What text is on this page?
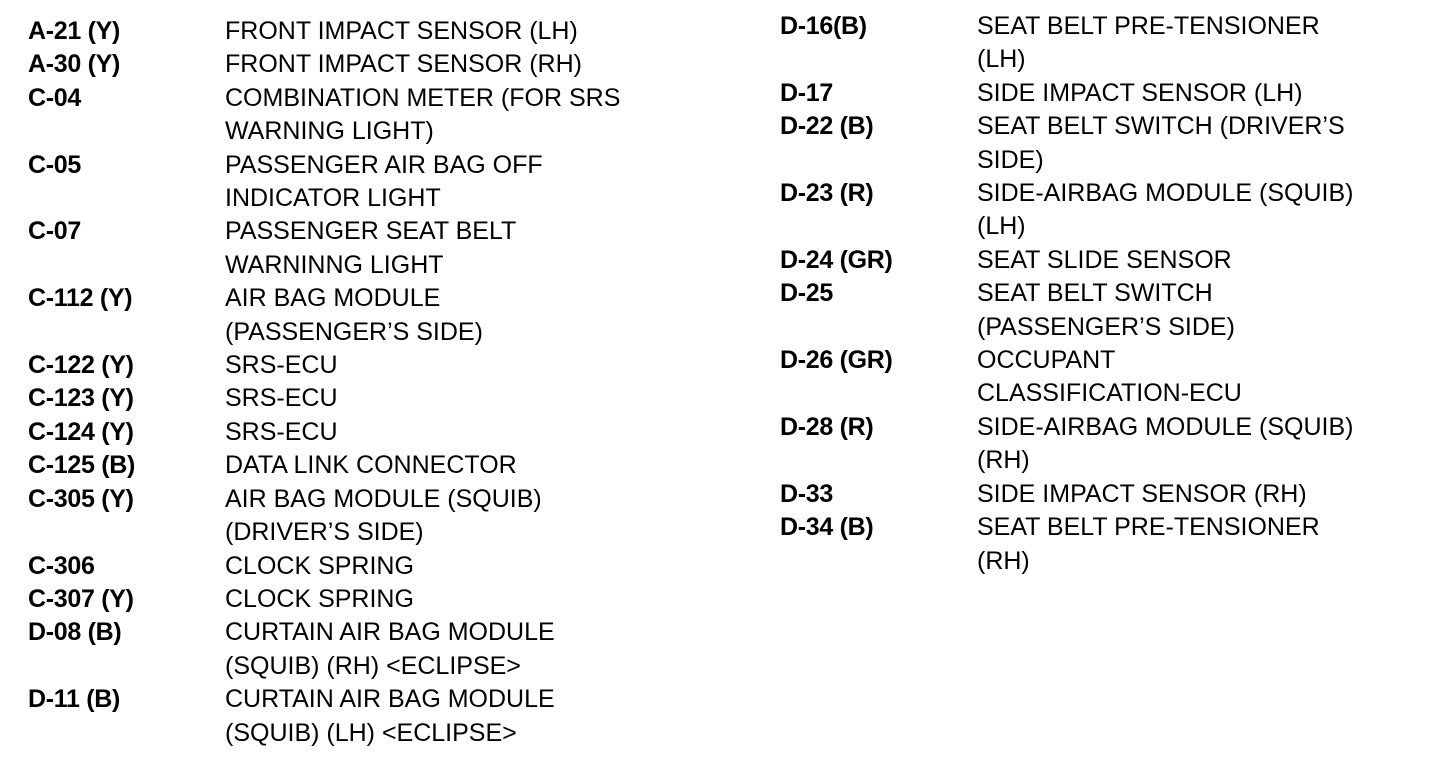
A-21 (Y)	FRONT IMPACT SENSOR (LH)
A-30 (Y)	FRONT IMPACT SENSOR (RH)
C-04	COMBINATION METER (FOR SRS
WARNING LIGHT)
C-05	PASSENGER AIR BAG OFF
INDICATOR LIGHT
C-07	PASSENGER SEAT BELT
WARNINNG LIGHT
C-112 (Y)	AIR BAG MODULE
(PASSENGER’S SIDE)
C-122 (Y)	SRS-ECU
C-123 (Y)	SRS-ECU
C-124 (Y)	SRS-ECU
C-125 (B)	DATA LINK CONNECTOR
C-305 (Y)	AIR BAG MODULE (SQUIB)
(DRIVER’S SIDE)
C-306	CLOCK SPRING
C-307 (Y)	CLOCK SPRING
D-08 (B)	CURTAIN AIR BAG MODULE
(SQUIB) (RH) <ECLIPSE>
D-11 (B)	CURTAIN AIR BAG MODULE
(SQUIB) (LH) <ECLIPSE>
D-16(B)	SEAT BELT PRE-TENSIONER
(LH)
D-17	SIDE IMPACT SENSOR (LH)
D-22 (B)	SEAT BELT SWITCH (DRIVER’S
SIDE)
D-23 (R)	SIDE-AIRBAG MODULE (SQUIB)
(LH)
D-24 (GR)	SEAT SLIDE SENSOR
D-25	SEAT BELT SWITCH
(PASSENGER’S SIDE)
D-26 (GR)	OCCUPANT
CLASSIFICATION-ECU
D-28 (R)	SIDE-AIRBAG MODULE (SQUIB)
(RH)
D-33	SIDE IMPACT SENSOR (RH)
D-34 (B)	SEAT BELT PRE-TENSIONER
(RH)
